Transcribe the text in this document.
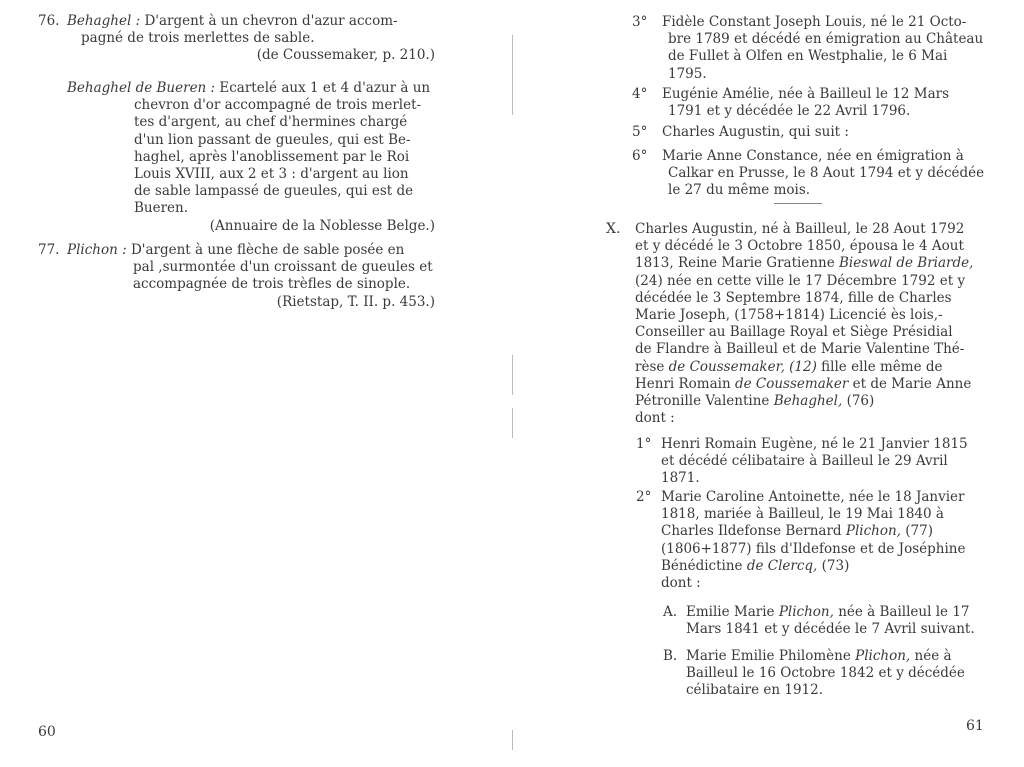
76. Behaghel : D'argent à un chevron d'azur accom-
pagné de trois merlettes de sable.
(de Coussemaker, p. 210.)
Behaghel de Bueren : Ecartelé aux 1 et 4 d'azur à un
chevron d'or accompagné de trois merlet-
tes d'argent, au chef d'hermines chargé
d'un lion passant de gueules, qui est Be-
haghel, après l'anoblissement par le Roi
Louis XVIII, aux 2 et 3 : d'argent au lion
de sable lampassé de gueules, qui est de
Bueren.
(Annuaire de la Noblesse Belge.)
77. Plichon : D'argent à une flèche de sable posée en
pal ,surmontée d'un croissant de gueules et
accompagnée de trois trèfles de sinople.
(Rietstap, T. II. p. 453.)
60
3° Fidèle Constant Joseph Louis, né le 21 Octo-
bre 1789 et décédé en émigration au Château
de Fullet à Olfen en Westphalie, le 6 Mai
1795.
4° Eugénie Amélie, née à Bailleul le 12 Mars
1791 et y décédée le 22 Avril 1796.
5° Charles Augustin, qui suit :
6° Marie Anne Constance, née en émigration à
Calkar en Prusse, le 8 Aout 1794 et y décédée
le 27 du même mois.
X. Charles Augustin, né à Bailleul, le 28 Aout 1792
et y décédé le 3 Octobre 1850, épousa le 4 Aout
1813, Reine Marie Gratienne Bieswal de Briarde,
(24) née en cette ville le 17 Décembre 1792 et y
décédée le 3 Septembre 1874, fille de Charles
Marie Joseph, (1758+1814) Licencié ès lois,-
Conseiller au Baillage Royal et Siège Présidial
de Flandre à Bailleul et de Marie Valentine Thé-
rèse de Coussemaker, (12) fille elle même de
Henri Romain de Coussemaker et de Marie Anne
Pétronille Valentine Behaghel, (76)
dont :
1° Henri Romain Eugène, né le 21 Janvier 1815
et décédé célibataire à Bailleul le 29 Avril
1871.
2° Marie Caroline Antoinette, née le 18 Janvier
1818, mariée à Bailleul, le 19 Mai 1840 à
Charles Ildefonse Bernard Plichon, (77)
(1806+1877) fils d'Ildefonse et de Joséphine
Bénédictine de Clercq, (73)
dont :
A. Emilie Marie Plichon, née à Bailleul le 17
Mars 1841 et y décédée le 7 Avril suivant.
B. Marie Emilie Philomène Plichon, née à
Bailleul le 16 Octobre 1842 et y décédée
célibataire en 1912.
61
